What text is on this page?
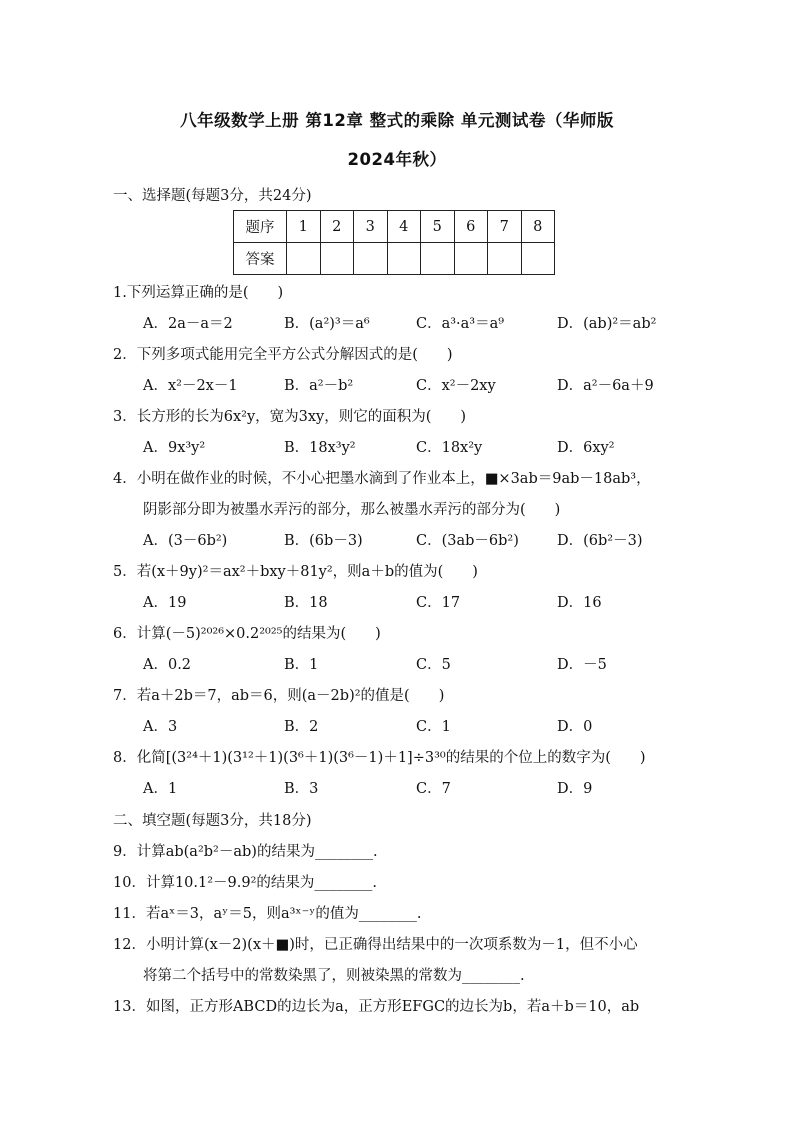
八年级数学上册 第12章 整式的乘除 单元测试卷（华师版
2024年秋）
一、选择题(每题3分，共24分)
题序	1	2	3	4	5	6	7	8
答案								
1.下列运算正确的是(　　)
A．2a－a＝2	B．(a²)³＝a⁶	C．a³·a³＝a⁹	D．(ab)²＝ab²
2．下列多项式能用完全平方公式分解因式的是(　　)
A．x²－2x－1	B．a²－b²	C．x²－2xy	D．a²－6a＋9
3．长方形的长为6x²y，宽为3xy，则它的面积为(　　)
A．9x³y²	B．18x³y²	C．18x²y	D．6xy²
4．小明在做作业的时候，不小心把墨水滴到了作业本上，■×3ab＝9ab－18ab³，
阴影部分即为被墨水弄污的部分，那么被墨水弄污的部分为(　　)
A．(3－6b²)	B．(6b－3)	C．(3ab－6b²)	D．(6b²－3)
5．若(x＋9y)²＝ax²＋bxy＋81y²，则a＋b的值为(　　)
A．19	B．18	C．17	D．16
6．计算(－5)²⁰²⁶×0.2²⁰²⁵的结果为(　　)
A．0.2	B．1	C．5	D．－5
7．若a＋2b＝7，ab＝6，则(a－2b)²的值是(　　)
A．3	B．2	C．1	D．0
8．化简[(3²⁴＋1)(3¹²＋1)(3⁶＋1)(3⁶－1)＋1]÷3³⁰的结果的个位上的数字为(　　)
A．1	B．3	C．7	D．9
二、填空题(每题3分，共18分)
9．计算ab(a²b²－ab)的结果为________.
10．计算10.1²－9.9²的结果为________.
11．若aˣ＝3，aʸ＝5，则a³ˣ⁻ʸ的值为________.
12．小明计算(x－2)(x＋■)时，已正确得出结果中的一次项系数为－1，但不小心
将第二个括号中的常数染黑了，则被染黑的常数为________.
13．如图，正方形ABCD的边长为a，正方形EFGC的边长为b，若a＋b＝10，ab
